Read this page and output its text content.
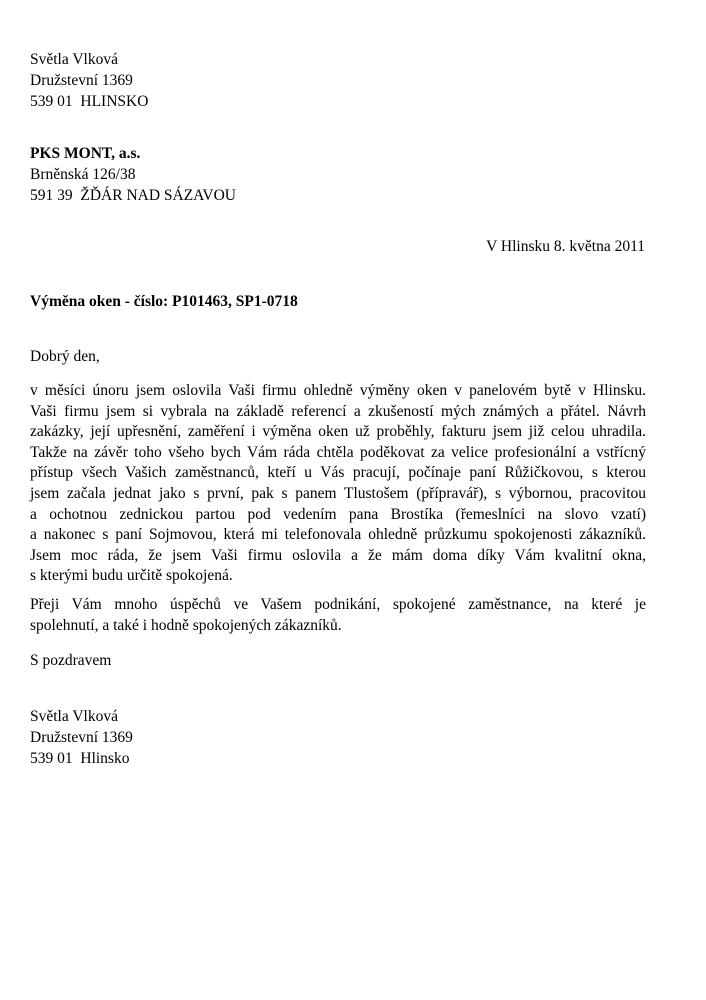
Světla Vlková
Družstevní 1369
539 01  HLINSKO
PKS MONT, a.s.
Brněnská 126/38
591 39  ŽĎÁR NAD SÁZAVOU
V Hlinsku 8. května 2011
Výměna oken - číslo: P101463, SP1-0718
Dobrý den,
v měsíci únoru jsem oslovila Vaši firmu ohledně výměny oken v panelovém bytě v Hlinsku.
Vaši firmu jsem si vybrala na základě referencí a zkušeností mých známých a přátel. Návrh
zakázky, její upřesnění, zaměření i výměna oken už proběhly, fakturu jsem již celou uhradila.
Takže na závěr toho všeho bych Vám ráda chtěla poděkovat za velice profesionální a vstřícný
přístup všech Vašich zaměstnanců, kteří u Vás pracují, počínaje paní Růžičkovou, s kterou
jsem začala jednat jako s první, pak s panem Tlustošem (přípravář), s výbornou, pracovitou
a ochotnou zednickou partou pod vedením pana Brostíka (řemeslníci na slovo vzatí)
a nakonec s paní Sojmovou, která mi telefonovala ohledně průzkumu spokojenosti zákazníků.
Jsem moc ráda, že jsem Vaši firmu oslovila a že mám doma díky Vám kvalitní okna,
s kterými budu určitě spokojená.
Přeji Vám mnoho úspěchů ve Vašem podnikání, spokojené zaměstnance, na které je
spolehnutí, a také i hodně spokojených zákazníků.
S pozdravem
Světla Vlková
Družstevní 1369
539 01  Hlinsko
